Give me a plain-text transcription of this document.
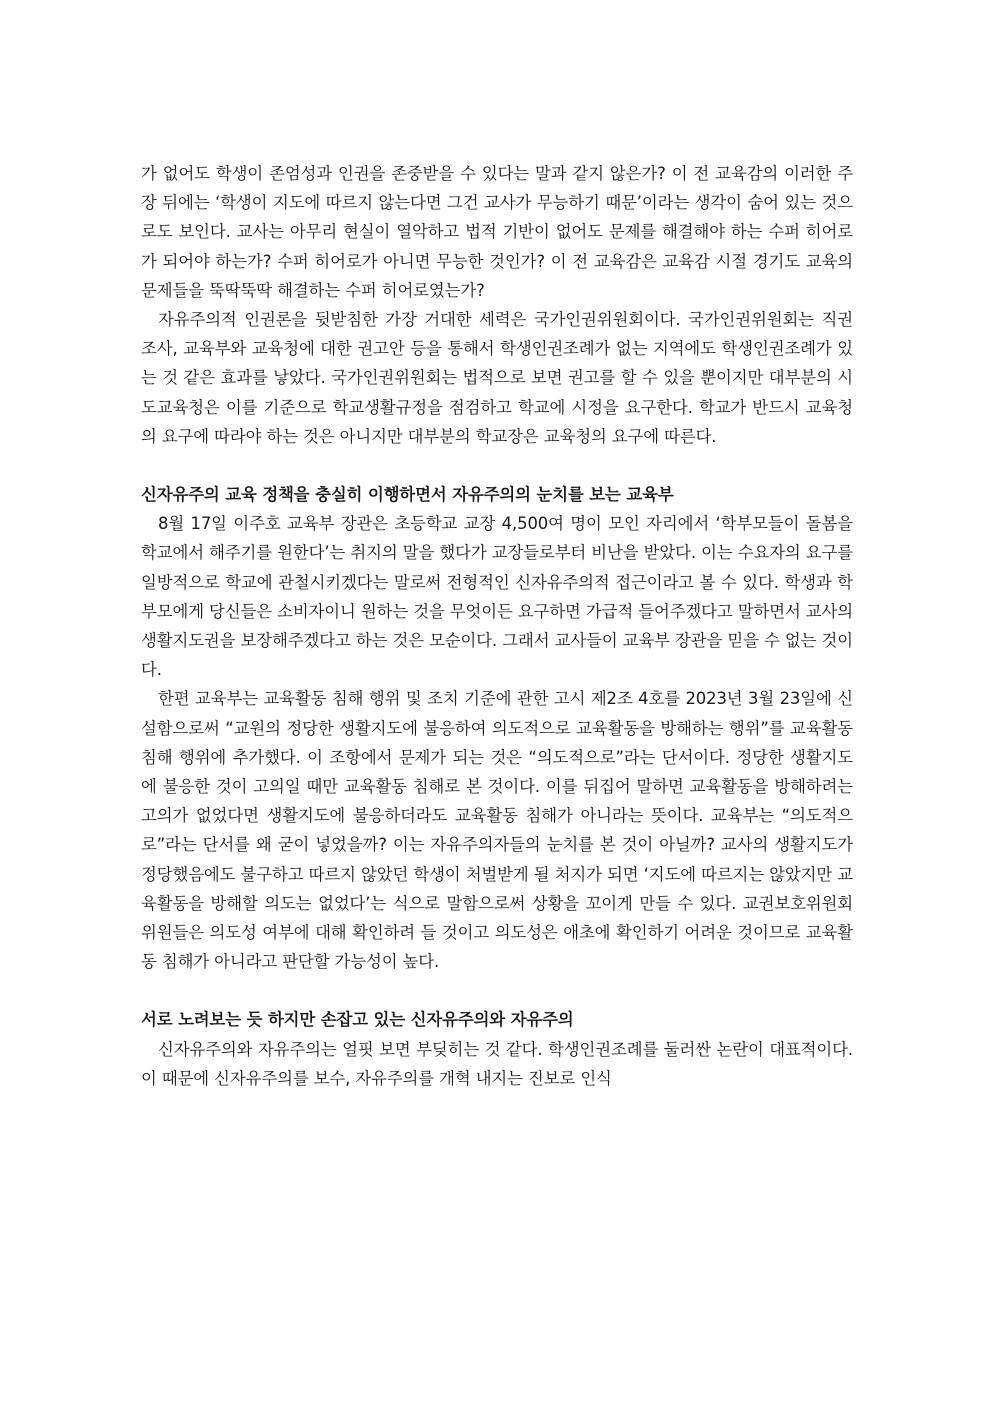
가 없어도 학생이 존엄성과 인권을 존중받을 수 있다는 말과 같지 않은가? 이 전 교육감의 이러한 주장 뒤에는 ‘학생이 지도에 따르지 않는다면 그건 교사가 무능하기 때문’이라는 생각이 숨어 있는 것으로도 보인다. 교사는 아무리 현실이 열악하고 법적 기반이 없어도 문제를 해결해야 하는 수퍼 히어로가 되어야 하는가? 수퍼 히어로가 아니면 무능한 것인가? 이 전 교육감은 교육감 시절 경기도 교육의 문제들을 뚝딱뚝딱 해결하는 수퍼 히어로였는가?

자유주의적 인권론을 뒷받침한 가장 거대한 세력은 국가인권위원회이다. 국가인권위원회는 직권 조사, 교육부와 교육청에 대한 권고안 등을 통해서 학생인권조례가 없는 지역에도 학생인권조례가 있는 것 같은 효과를 낳았다. 국가인권위원회는 법적으로 보면 권고를 할 수 있을 뿐이지만 대부분의 시도교육청은 이를 기준으로 학교생활규정을 점검하고 학교에 시정을 요구한다. 학교가 반드시 교육청의 요구에 따라야 하는 것은 아니지만 대부분의 학교장은 교육청의 요구에 따른다.

신자유주의 교육 정책을 충실히 이행하면서 자유주의의 눈치를 보는 교육부

8월 17일 이주호 교육부 장관은 초등학교 교장 4,500여 명이 모인 자리에서 ‘학부모들이 돌봄을 학교에서 해주기를 원한다’는 취지의 말을 했다가 교장들로부터 비난을 받았다. 이는 수요자의 요구를 일방적으로 학교에 관철시키겠다는 말로써 전형적인 신자유주의적 접근이라고 볼 수 있다. 학생과 학부모에게 당신들은 소비자이니 원하는 것을 무엇이든 요구하면 가급적 들어주겠다고 말하면서 교사의 생활지도권을 보장해주겠다고 하는 것은 모순이다. 그래서 교사들이 교육부 장관을 믿을 수 없는 것이다.

한편 교육부는 교육활동 침해 행위 및 조치 기준에 관한 고시 제2조 4호를 2023년 3월 23일에 신설함으로써 “교원의 정당한 생활지도에 불응하여 의도적으로 교육활동을 방해하는 행위”를 교육활동 침해 행위에 추가했다. 이 조항에서 문제가 되는 것은 “의도적으로”라는 단서이다. 정당한 생활지도에 불응한 것이 고의일 때만 교육활동 침해로 본 것이다. 이를 뒤집어 말하면 교육활동을 방해하려는 고의가 없었다면 생활지도에 불응하더라도 교육활동 침해가 아니라는 뜻이다. 교육부는 “의도적으로”라는 단서를 왜 굳이 넣었을까? 이는 자유주의자들의 눈치를 본 것이 아닐까? 교사의 생활지도가 정당했음에도 불구하고 따르지 않았던 학생이 처벌받게 될 처지가 되면 ‘지도에 따르지는 않았지만 교육활동을 방해할 의도는 없었다’는 식으로 말함으로써 상황을 꼬이게 만들 수 있다. 교권보호위원회 위원들은 의도성 여부에 대해 확인하려 들 것이고 의도성은 애초에 확인하기 어려운 것이므로 교육활동 침해가 아니라고 판단할 가능성이 높다.

서로 노려보는 듯 하지만 손잡고 있는 신자유주의와 자유주의

신자유주의와 자유주의는 얼핏 보면 부딪히는 것 같다. 학생인권조례를 둘러싼 논란이 대표적이다. 이 때문에 신자유주의를 보수, 자유주의를 개혁 내지는 진보로 인식
